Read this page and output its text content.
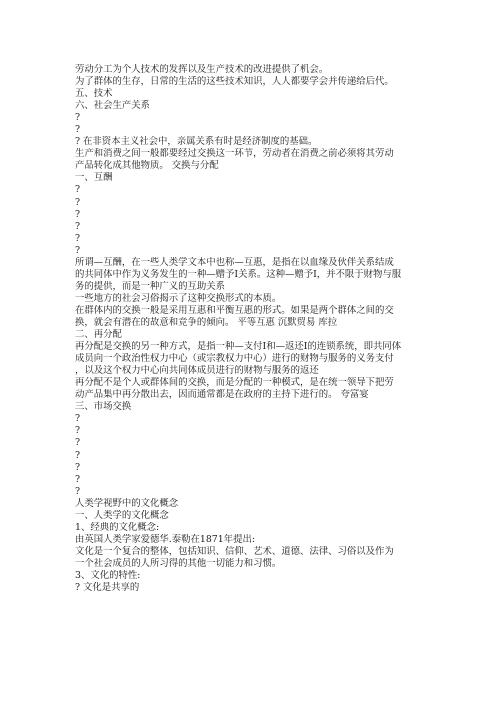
劳动分工为个人技术的发挥以及生产技术的改进提供了机会。
为了群体的生存，日常的生活的这些技术知识，人人都要学会并传递给后代。
五、技术
六、社会生产关系
?
?
? 在非资本主义社会中，亲属关系有时是经济制度的基础。
生产和消费之间一般都要经过交换这一环节，劳动者在消费之前必须将其劳动
产品转化成其他物质。 交换与分配
一、互酬
?
?
?
?
?
?
所谓—互酬，在一些人类学文本中也称—互惠，是指在以血缘及伙伴关系结成
的共同体中作为义务发生的一种—赠予I关系。这种—赠予I，并不限于财物与服
务的提供，而是一种广义的互助关系
一些地方的社会习俗揭示了这种交换形式的本质。
在群体内的交换一般是采用互惠和平衡互惠的形式。如果是两个群体之间的交
换，就会有潜在的故意和竞争的倾向。 平等互惠 沉默贸易 库拉
二、再分配
再分配是交换的另一种方式，是指一种—支付I和—返还I的连锁系统，即共同体
成员向一个政治性权力中心（或宗教权力中心）进行的财物与服务的义务支付
，以及这个权力中心向共同体成员进行的财物与服务的返还
再分配不是个人或群体间的交换，而是分配的一种模式，是在统一领导下把劳
动产品集中再分散出去，因而通常都是在政府的主持下进行的。 夸富宴
三、市场交换
?
?
?
?
?
?
?
人类学视野中的文化概念
一、人类学的文化概念
1、经典的文化概念:
由英国人类学家爱德华.泰勒在1871年提出:
文化是一个复合的整体，包括知识、信仰、艺术、道德、法律、习俗以及作为
一个社会成员的人所习得的其他一切能力和习惯。
3、文化的特性:
? 文化是共享的
